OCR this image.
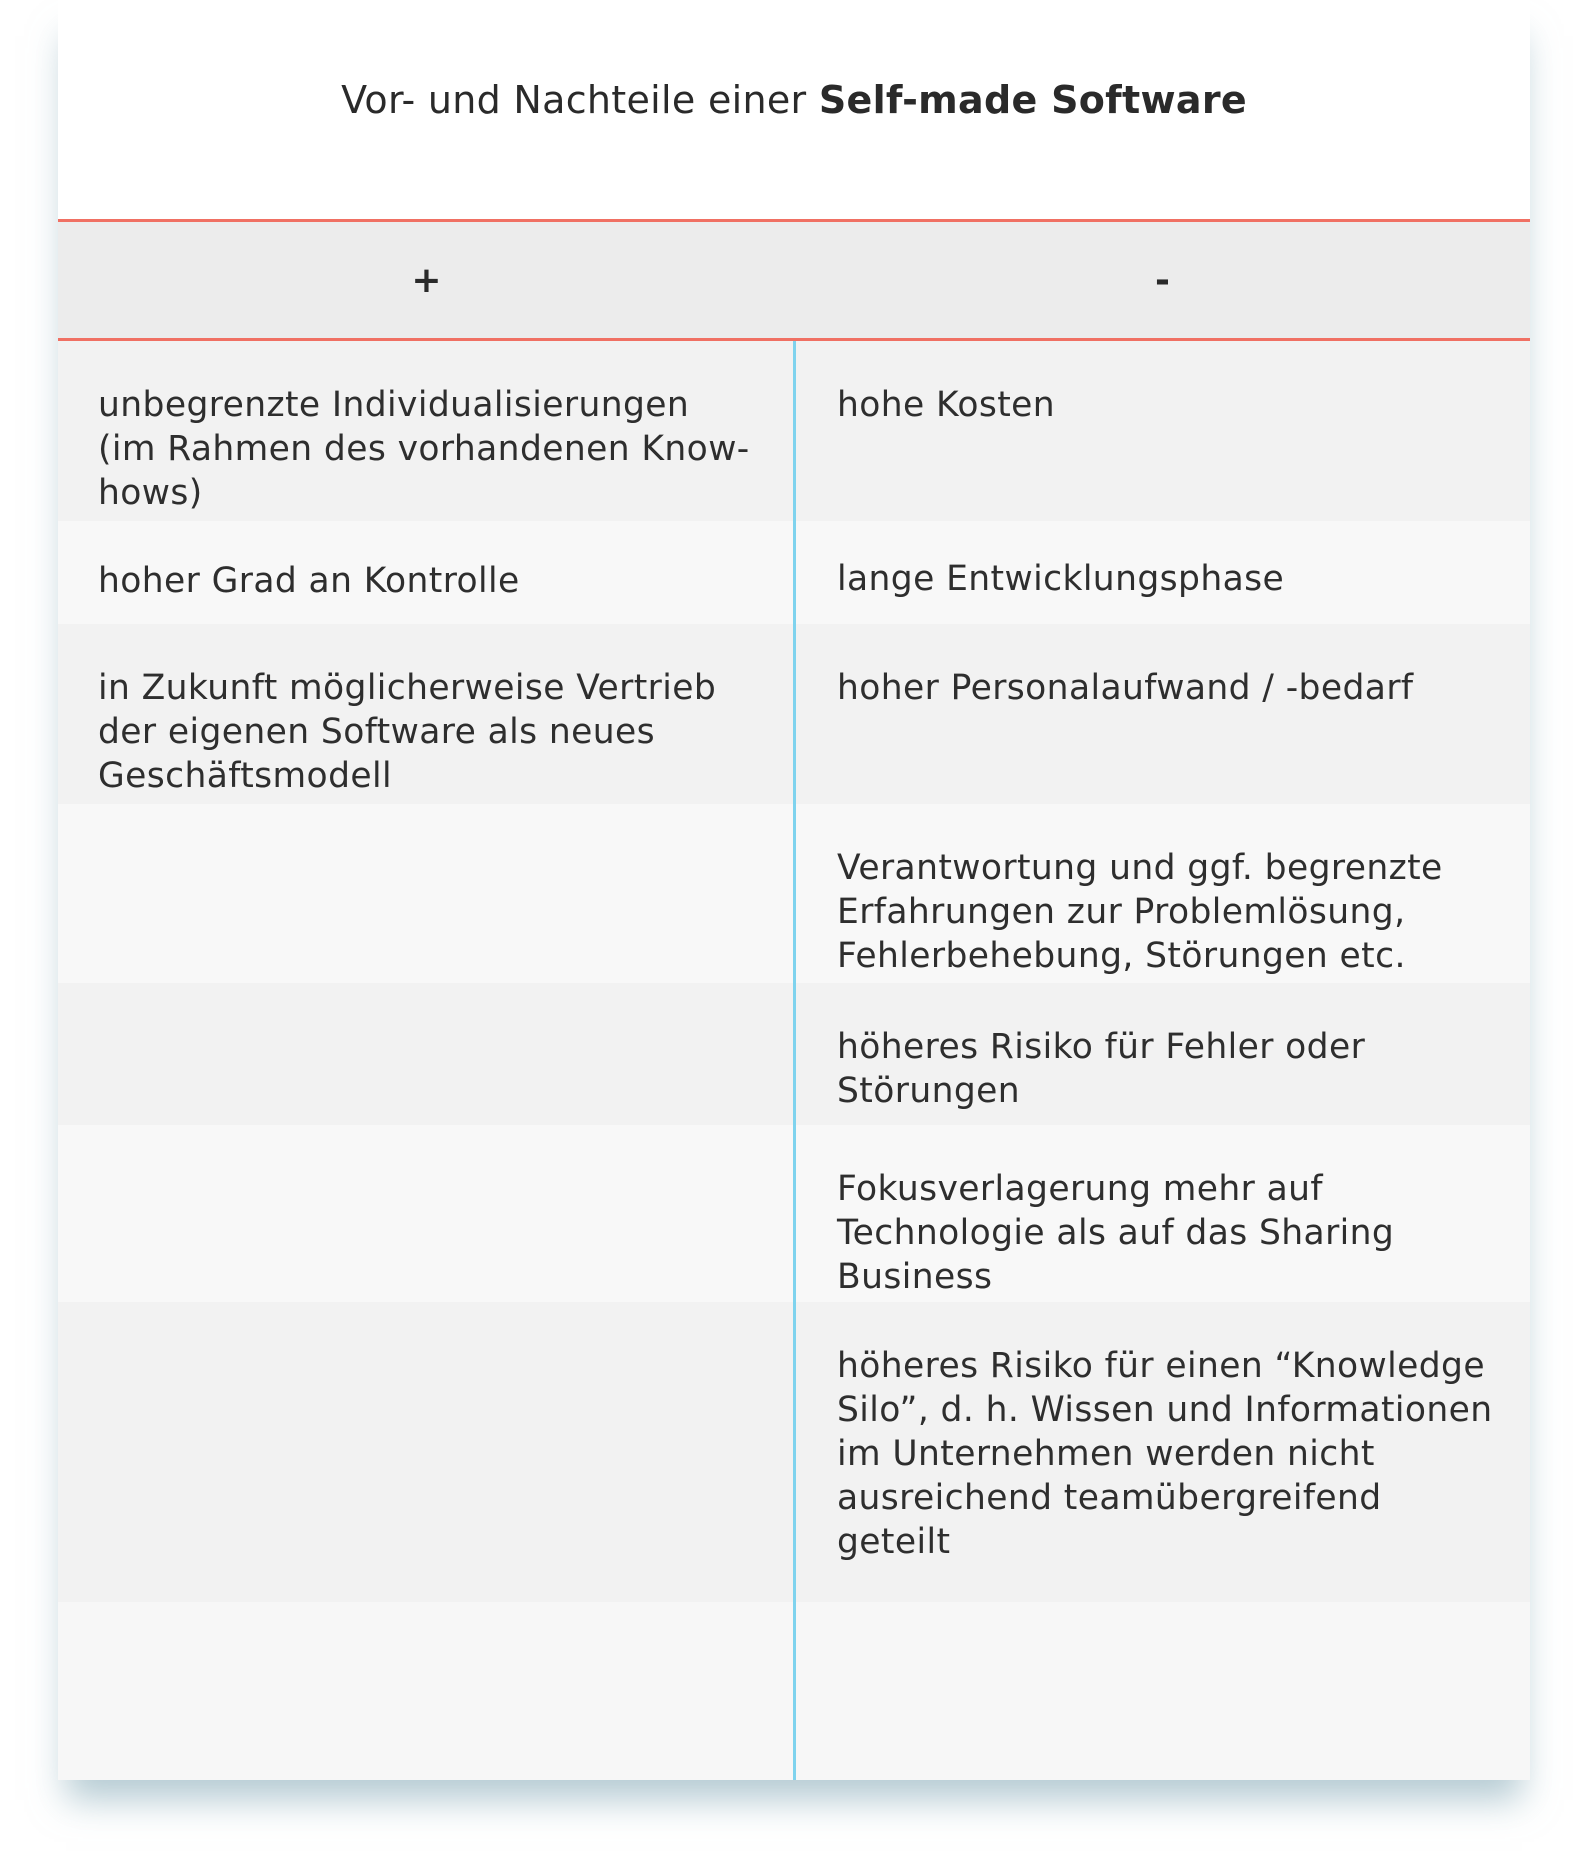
Vor- und Nachteile einer Self-made Software
+	-
unbegrenzte Individualisierungen (im Rahmen des vorhandenen Know-hows)
hohe Kosten
hoher Grad an Kontrolle	lange Entwicklungsphase
in Zukunft möglicherweise Vertrieb der eigenen Software als neues Geschäftsmodell
hoher Personalaufwand / -bedarf
Verantwortung und ggf. begrenzte Erfahrungen zur Problemlösung, Fehlerbehebung, Störungen etc.
höheres Risiko für Fehler oder Störungen
Fokusverlagerung mehr auf Technologie als auf das Sharing Business
höheres Risiko für einen “Knowledge Silo”, d. h. Wissen und Informationen im Unternehmen werden nicht ausreichend teamübergreifend geteilt
